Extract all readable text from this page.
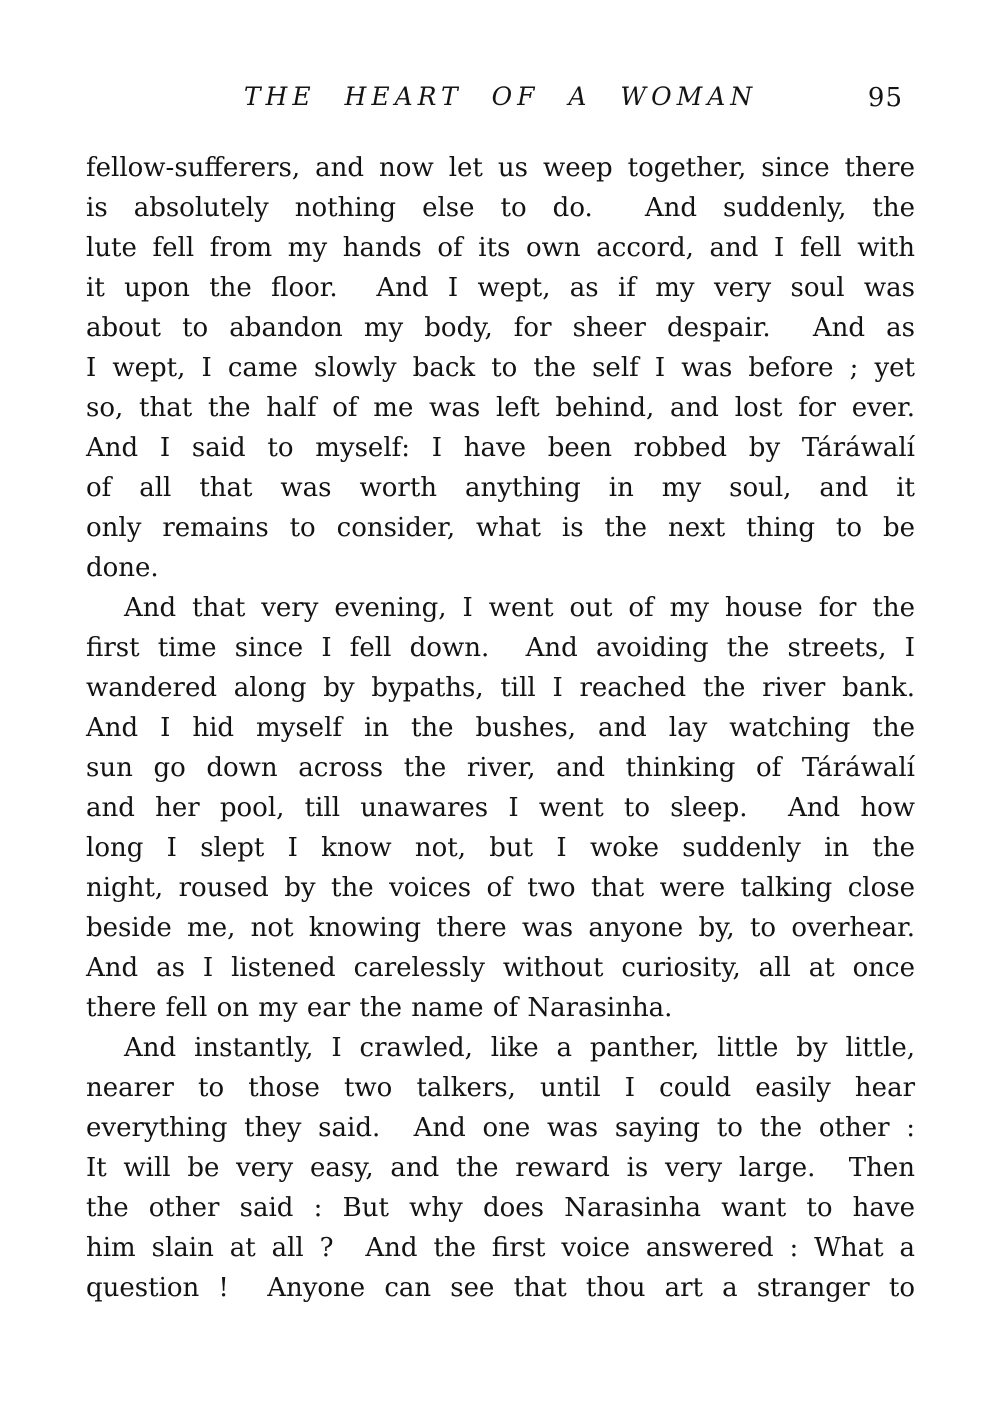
THE HEART OF A WOMAN	95
fellow-sufferers, and now let us weep together, since there
is absolutely nothing else to do.  And suddenly, the
lute fell from my hands of its own accord, and I fell with
it upon the floor.  And I wept, as if my very soul was
about to abandon my body, for sheer despair.  And as
I wept, I came slowly back to the self I was before ; yet
so, that the half of me was left behind, and lost for ever.
And I said to myself: I have been robbed by Táráwalí
of all that was worth anything in my soul, and it
only remains to consider, what is the next thing to be
done.
And that very evening, I went out of my house for the
first time since I fell down.  And avoiding the streets, I
wandered along by bypaths, till I reached the river bank.
And I hid myself in the bushes, and lay watching the
sun go down across the river, and thinking of Táráwalí
and her pool, till unawares I went to sleep.  And how
long I slept I know not, but I woke suddenly in the
night, roused by the voices of two that were talking close
beside me, not knowing there was anyone by, to overhear.
And as I listened carelessly without curiosity, all at once
there fell on my ear the name of Narasinha.
And instantly, I crawled, like a panther, little by little,
nearer to those two talkers, until I could easily hear
everything they said.  And one was saying to the other :
It will be very easy, and the reward is very large.  Then
the other said : But why does Narasinha want to have
him slain at all ?  And the first voice answered : What a
question !  Anyone can see that thou art a stranger to
